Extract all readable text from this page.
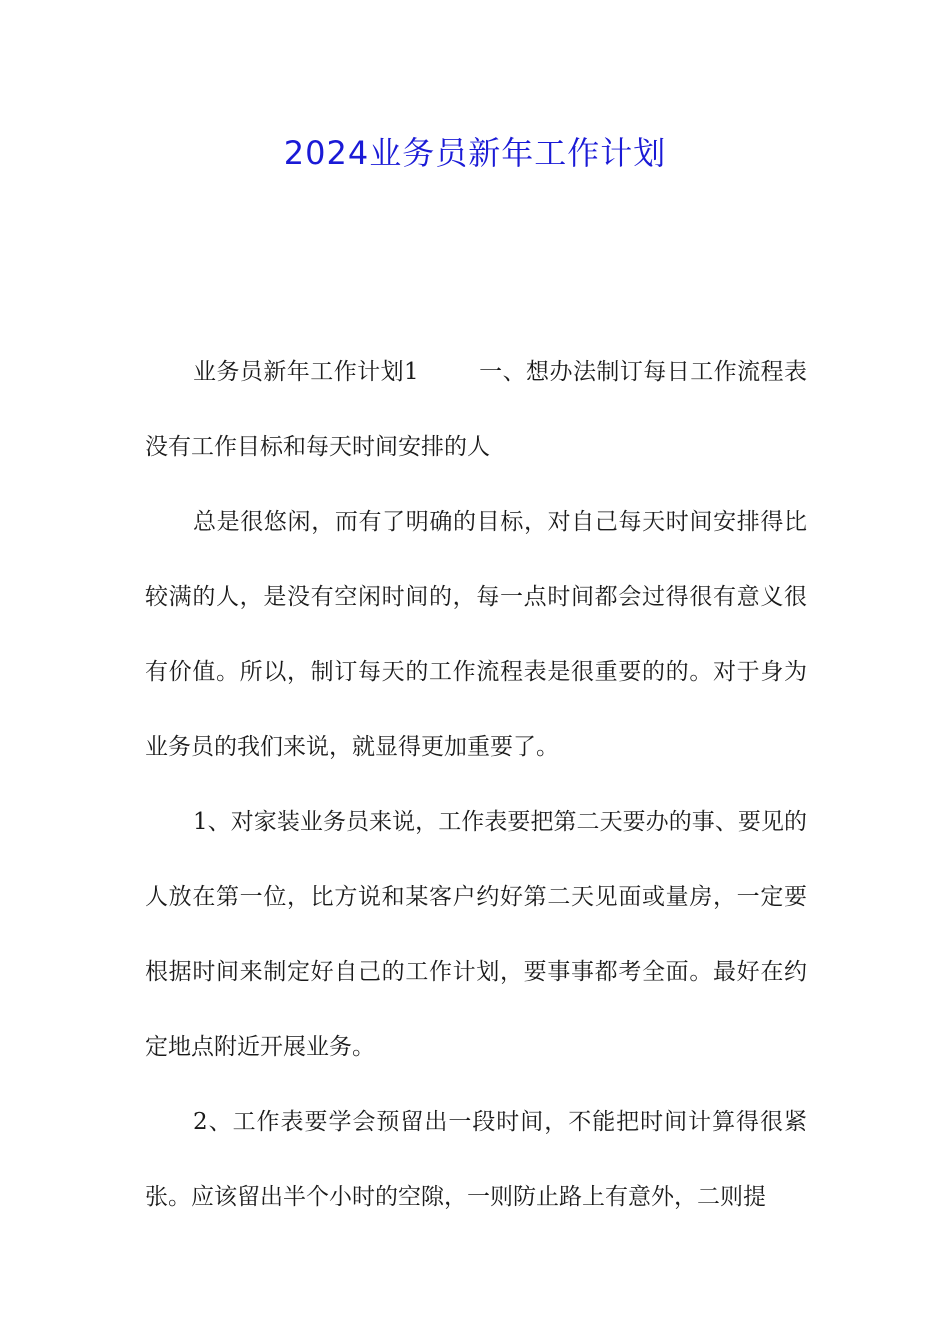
2024业务员新年工作计划

业务员新年工作计划1	一、想办法制订每日工作流程表没有工作目标和每天时间安排的人

总是很悠闲，而有了明确的目标，对自己每天时间安排得比较满的人，是没有空闲时间的，每一点时间都会过得很有意义很有价值。所以，制订每天的工作流程表是很重要的的。对于身为业务员的我们来说，就显得更加重要了。

1、对家装业务员来说，工作表要把第二天要办的事、要见的人放在第一位，比方说和某客户约好第二天见面或量房，一定要根据时间来制定好自己的工作计划，要事事都考全面。最好在约定地点附近开展业务。

2、工作表要学会预留出一段时间，不能把时间计算得很紧张。应该留出半个小时的空隙，一则防止路上有意外，二则提
